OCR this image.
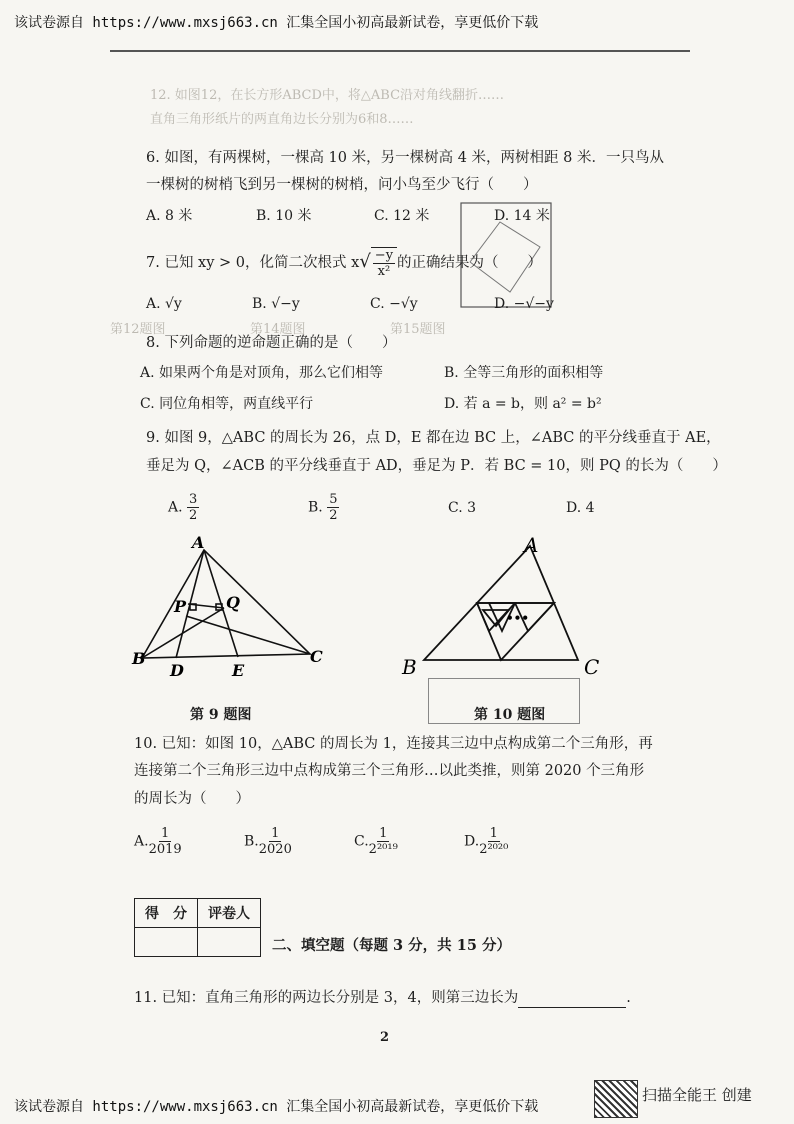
该试卷源自 https://www.mxsj663.cn 汇集全国小初高最新试卷，享更低价下载
12. 如图12，在长方形ABCD中，将△ABC沿对角线翻折……
直角三角形纸片的两直角边长分别为6和8……
6. 如图，有两棵树，一棵高 10 米，另一棵树高 4 米，两树相距 8 米．一只鸟从
一棵树的树梢飞到另一棵树的树梢，问小鸟至少飞行（　　）
A. 8 米	B. 10 米	C. 12 米	D. 14 米
7. 已知 xy > 0，化简二次根式 $x√ \frac{-y}{\text{x²}}$ 的正确结果为（　　）
A. √y	B. √−y	C. −√y	D. −√−y
第12题图	第14题图	第15题图
8. 下列命题的逆命题正确的是（　　）
A. 如果两个角是对顶角，那么它们相等	B. 全等三角形的面积相等
C. 同位角相等，两直线平行	D. 若 a = b，则 a² = b²
9. 如图 9，△ABC 的周长为 26，点 D，E 都在边 BC 上，∠ABC 的平分线垂直于 AE，
垂足为 Q，∠ACB 的平分线垂直于 AD，垂足为 P．若 BC = 10，则 PQ 的长为（　　）
A. $\frac{3}{2}$	B. $\frac{5}{2}$	C. 3	D. 4
A
B	C
D	E
P Q
第 9 题图
•••
A
B	C
第 10 题图
10. 已知：如图 10，△ABC 的周长为 1，连接其三边中点构成第二个三角形，再
连接第二个三角形三边中点构成第三个三角形…以此类推，则第 2020 个三角形
的周长为（　　）
A. $\frac{1}{2019}$	B. $\frac{1}{2020}$	C. $\frac{1}{\text{2²⁰¹⁹}}$	D. $\frac{1}{\text{2²⁰²⁰}}$
得　分	评卷人

二、填空题（每题 3 分，共 15 分）
11. 已知：直角三角形的两边长分别是 3，4，则第三边长为	.
2
该试卷源自 https://www.mxsj663.cn 汇集全国小初高最新试卷，享更低价下载
扫描全能王 创建
